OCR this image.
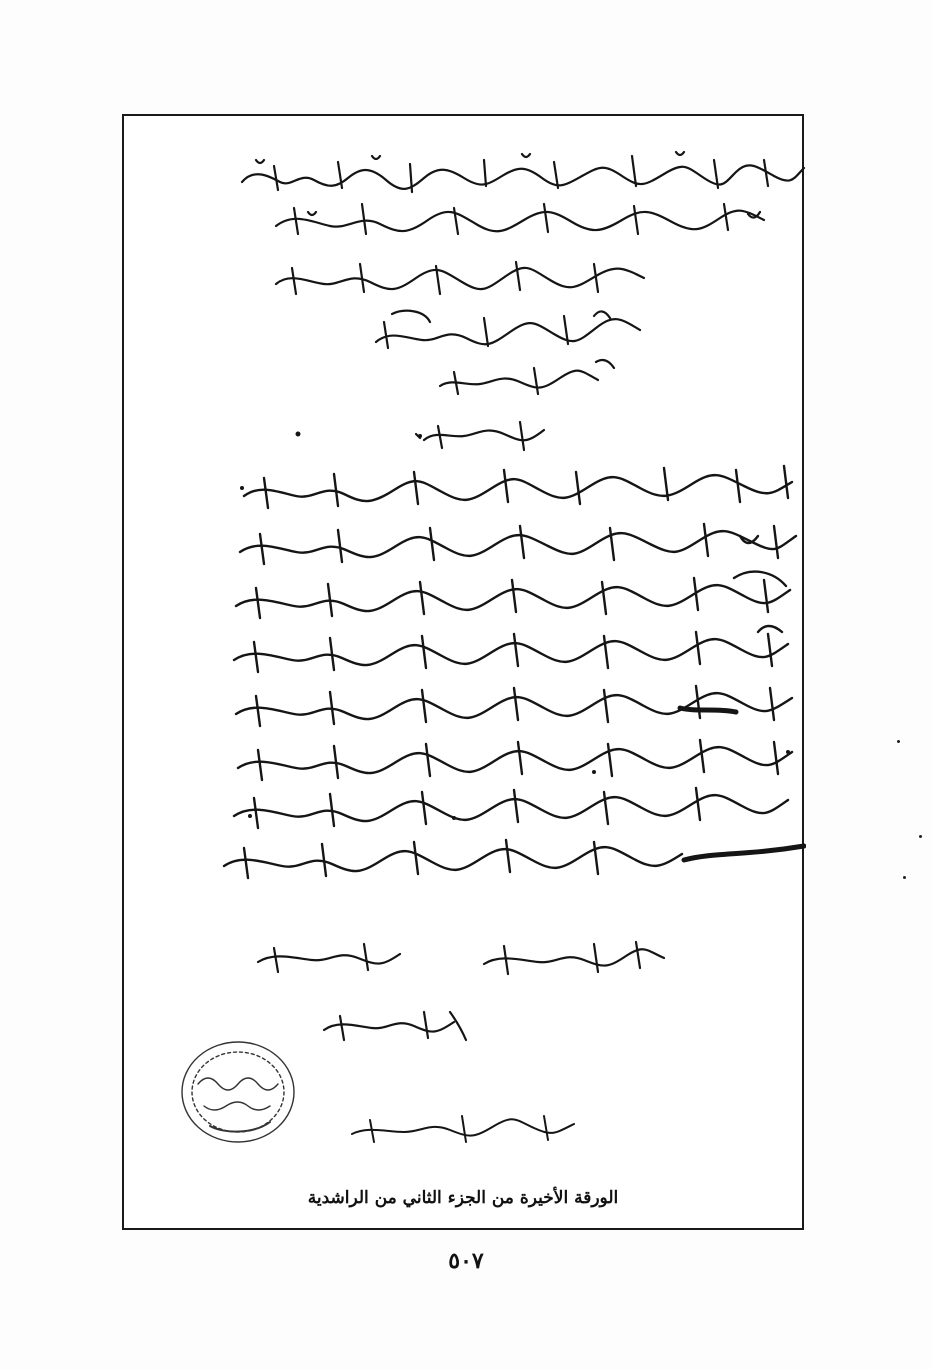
الورقة الأخيرة من الجزء الثاني من الراشدية
٥٠٧
